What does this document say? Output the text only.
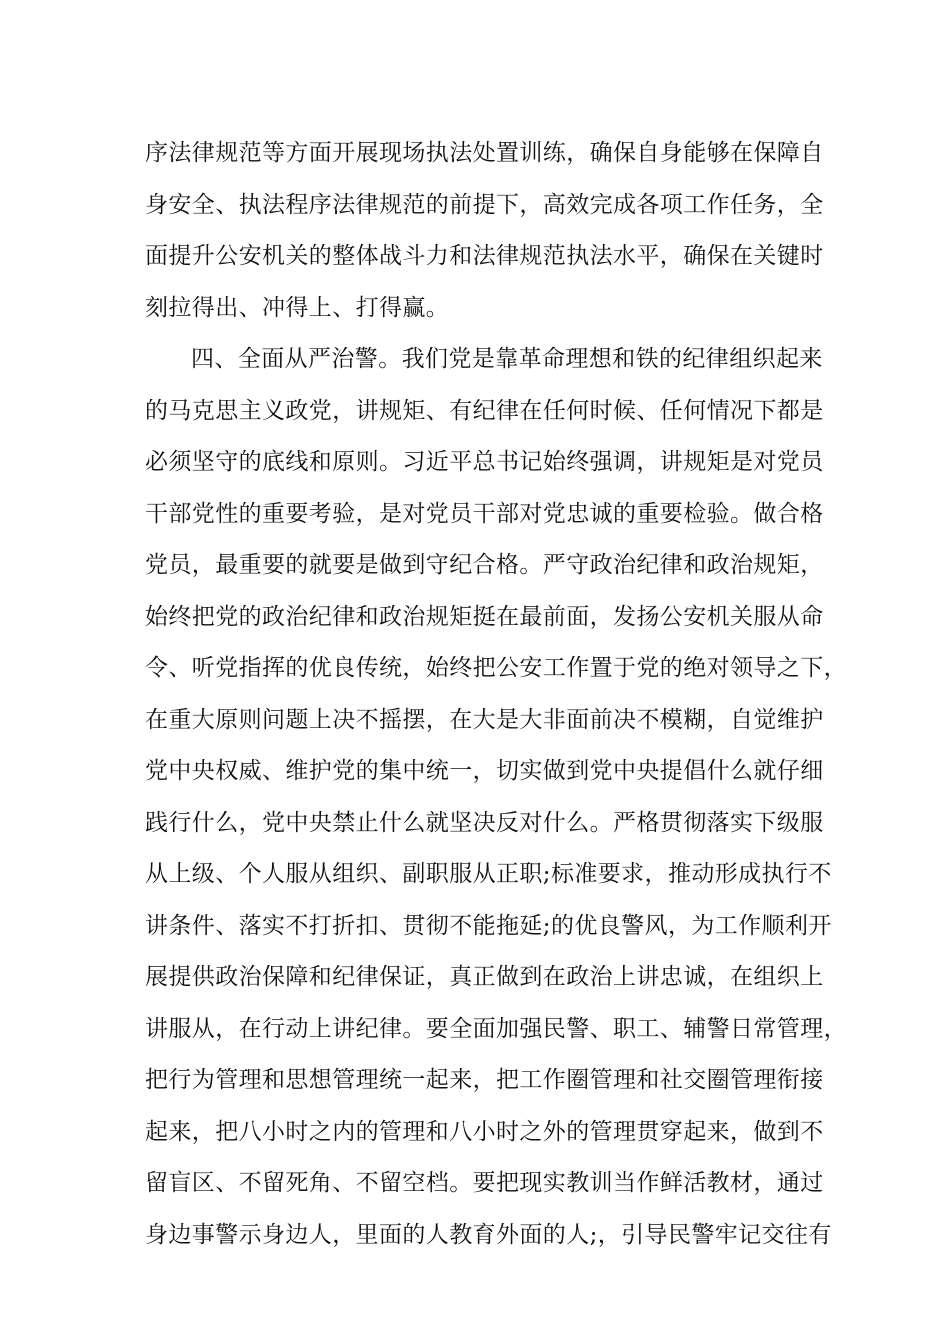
序法律规范等方面开展现场执法处置训练，确保自身能够在保障自
身安全、执法程序法律规范的前提下，高效完成各项工作任务，全
面提升公安机关的整体战斗力和法律规范执法水平，确保在关键时
刻拉得出、冲得上、打得赢。
四、全面从严治警。我们党是靠革命理想和铁的纪律组织起来
的马克思主义政党，讲规矩、有纪律在任何时候、任何情况下都是
必须坚守的底线和原则。习近平总书记始终强调，讲规矩是对党员
干部党性的重要考验，是对党员干部对党忠诚的重要检验。做合格
党员，最重要的就要是做到守纪合格。严守政治纪律和政治规矩，
始终把党的政治纪律和政治规矩挺在最前面，发扬公安机关服从命
令、听党指挥的优良传统，始终把公安工作置于党的绝对领导之下，
在重大原则问题上决不摇摆，在大是大非面前决不模糊，自觉维护
党中央权威、维护党的集中统一，切实做到党中央提倡什么就仔细
践行什么，党中央禁止什么就坚决反对什么。严格贯彻落实下级服
从上级、个人服从组织、副职服从正职;标准要求，推动形成执行不
讲条件、落实不打折扣、贯彻不能拖延;的优良警风，为工作顺利开
展提供政治保障和纪律保证，真正做到在政治上讲忠诚，在组织上
讲服从，在行动上讲纪律。要全面加强民警、职工、辅警日常管理，
把行为管理和思想管理统一起来，把工作圈管理和社交圈管理衔接
起来，把八小时之内的管理和八小时之外的管理贯穿起来，做到不
留盲区、不留死角、不留空档。要把现实教训当作鲜活教材，通过
身边事警示身边人，里面的人教育外面的人;，引导民警牢记交往有
